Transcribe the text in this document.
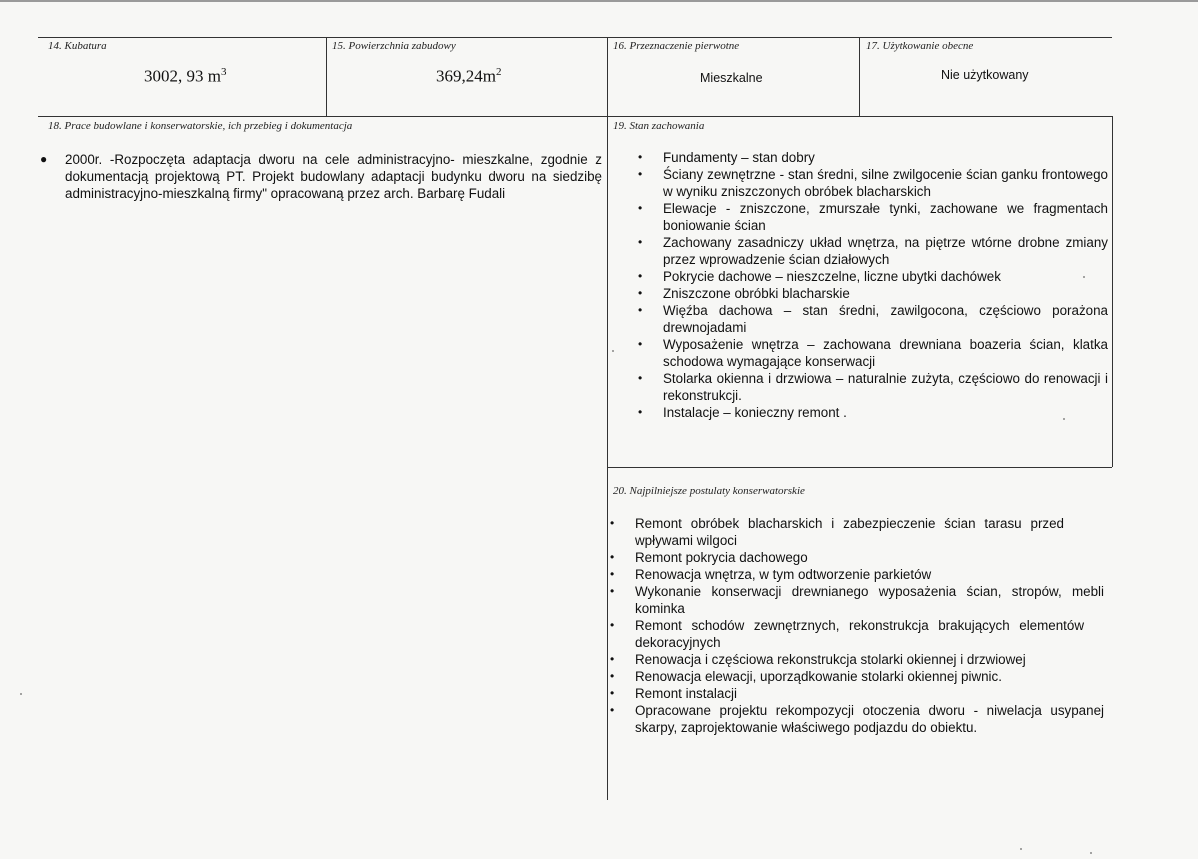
14. Kubatura
3002, 93 $m^3$
15. Powierzchnia zabudowy
$369,24m^2$
16. Przeznaczenie pierwotne
Mieszkalne
17. Użytkowanie obecne
Nie użytkowany
18. Prace budowlane i konserwatorskie, ich przebieg i dokumentacja
● 2000r. -Rozpoczęta adaptacja dworu na cele administracyjno- mieszkalne, zgodnie z dokumentacją projektową PT. Projekt budowlany adaptacji budynku dworu na siedzibę administracyjno-mieszkalną firmy" opracowaną przez arch. Barbarę Fudali
19. Stan zachowania
• Fundamenty – stan dobry
• Ściany zewnętrzne - stan średni, silne zwilgocenie ścian ganku frontowego w wyniku zniszczonych obróbek blacharskich
• Elewacje - zniszczone, zmurszałe tynki, zachowane we fragmentach boniowanie ścian
• Zachowany zasadniczy układ wnętrza, na piętrze wtórne drobne zmiany przez wprowadzenie ścian działowych
• Pokrycie dachowe – nieszczelne, liczne ubytki dachówek
• Zniszczone obróbki blacharskie
• Więźba dachowa – stan średni, zawilgocona, częściowo porażona drewnojadami
• Wyposażenie wnętrza – zachowana drewniana boazeria ścian, klatka schodowa wymagające konserwacji
• Stolarka okienna i drzwiowa – naturalnie zużyta, częściowo do renowacji i rekonstrukcji.
• Instalacje – konieczny remont .
20. Najpilniejsze postulaty konserwatorskie
• Remont obróbek blacharskich i zabezpieczenie ścian tarasu przed wpływami wilgoci
• Remont pokrycia dachowego
• Renowacja wnętrza, w tym odtworzenie parkietów
• Wykonanie konserwacji drewnianego wyposażenia ścian, stropów, mebli kominka
• Remont schodów zewnętrznych, rekonstrukcja brakujących elementów dekoracyjnych
• Renowacja i częściowa rekonstrukcja stolarki okiennej i drzwiowej
• Renowacja elewacji, uporządkowanie stolarki okiennej piwnic.
• Remont instalacji
• Opracowane projektu rekompozycji otoczenia dworu - niwelacja usypanej skarpy, zaprojektowanie właściwego podjazdu do obiektu.
